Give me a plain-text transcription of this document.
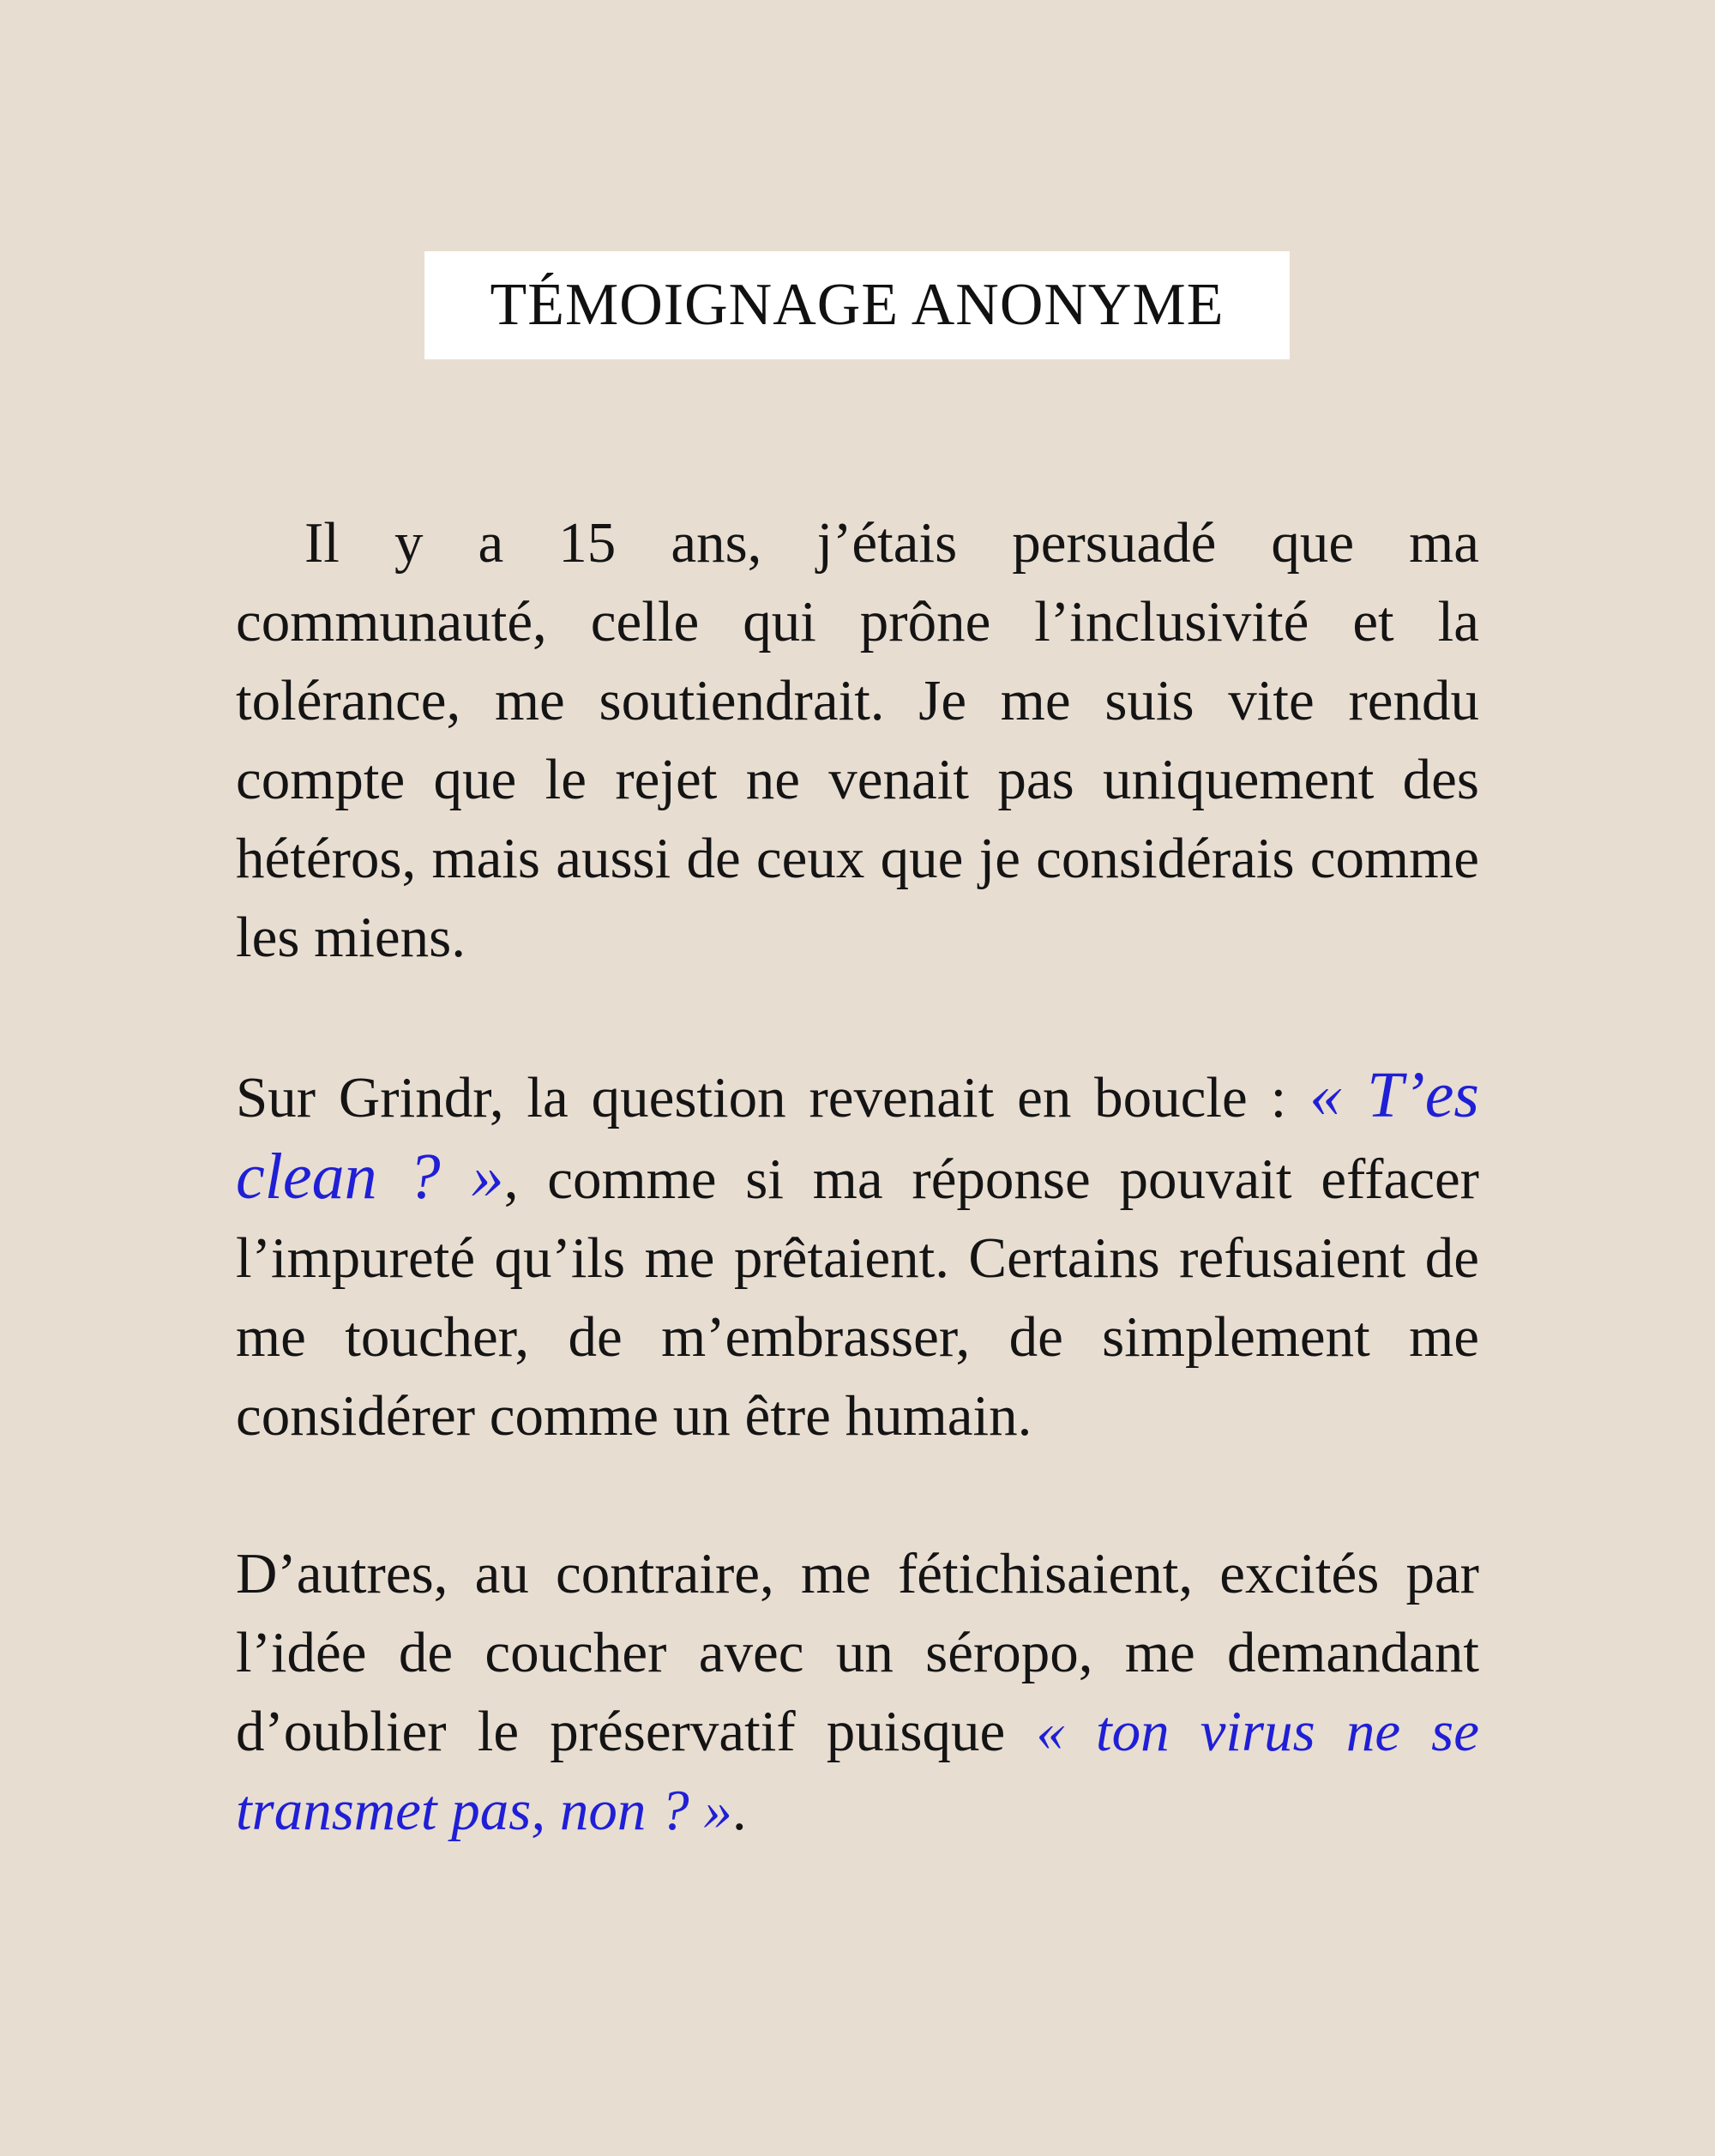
TÉMOIGNAGE ANONYME

Il y a 15 ans, j’étais persuadé que ma communauté, celle qui prône l’inclusivité et la tolérance, me soutiendrait. Je me suis vite rendu compte que le rejet ne venait pas uniquement des hétéros, mais aussi de ceux que je considérais comme les miens.

Sur Grindr, la question revenait en boucle : « T’es clean ? », comme si ma réponse pouvait effacer l’impureté qu’ils me prêtaient. Certains refusaient de me toucher, de m’embrasser, de simplement me considérer comme un être humain.

D’autres, au contraire, me fétichisaient, excités par l’idée de coucher avec un séropo, me demandant d’oublier le préservatif puisque « ton virus ne se transmet pas, non ? ».
